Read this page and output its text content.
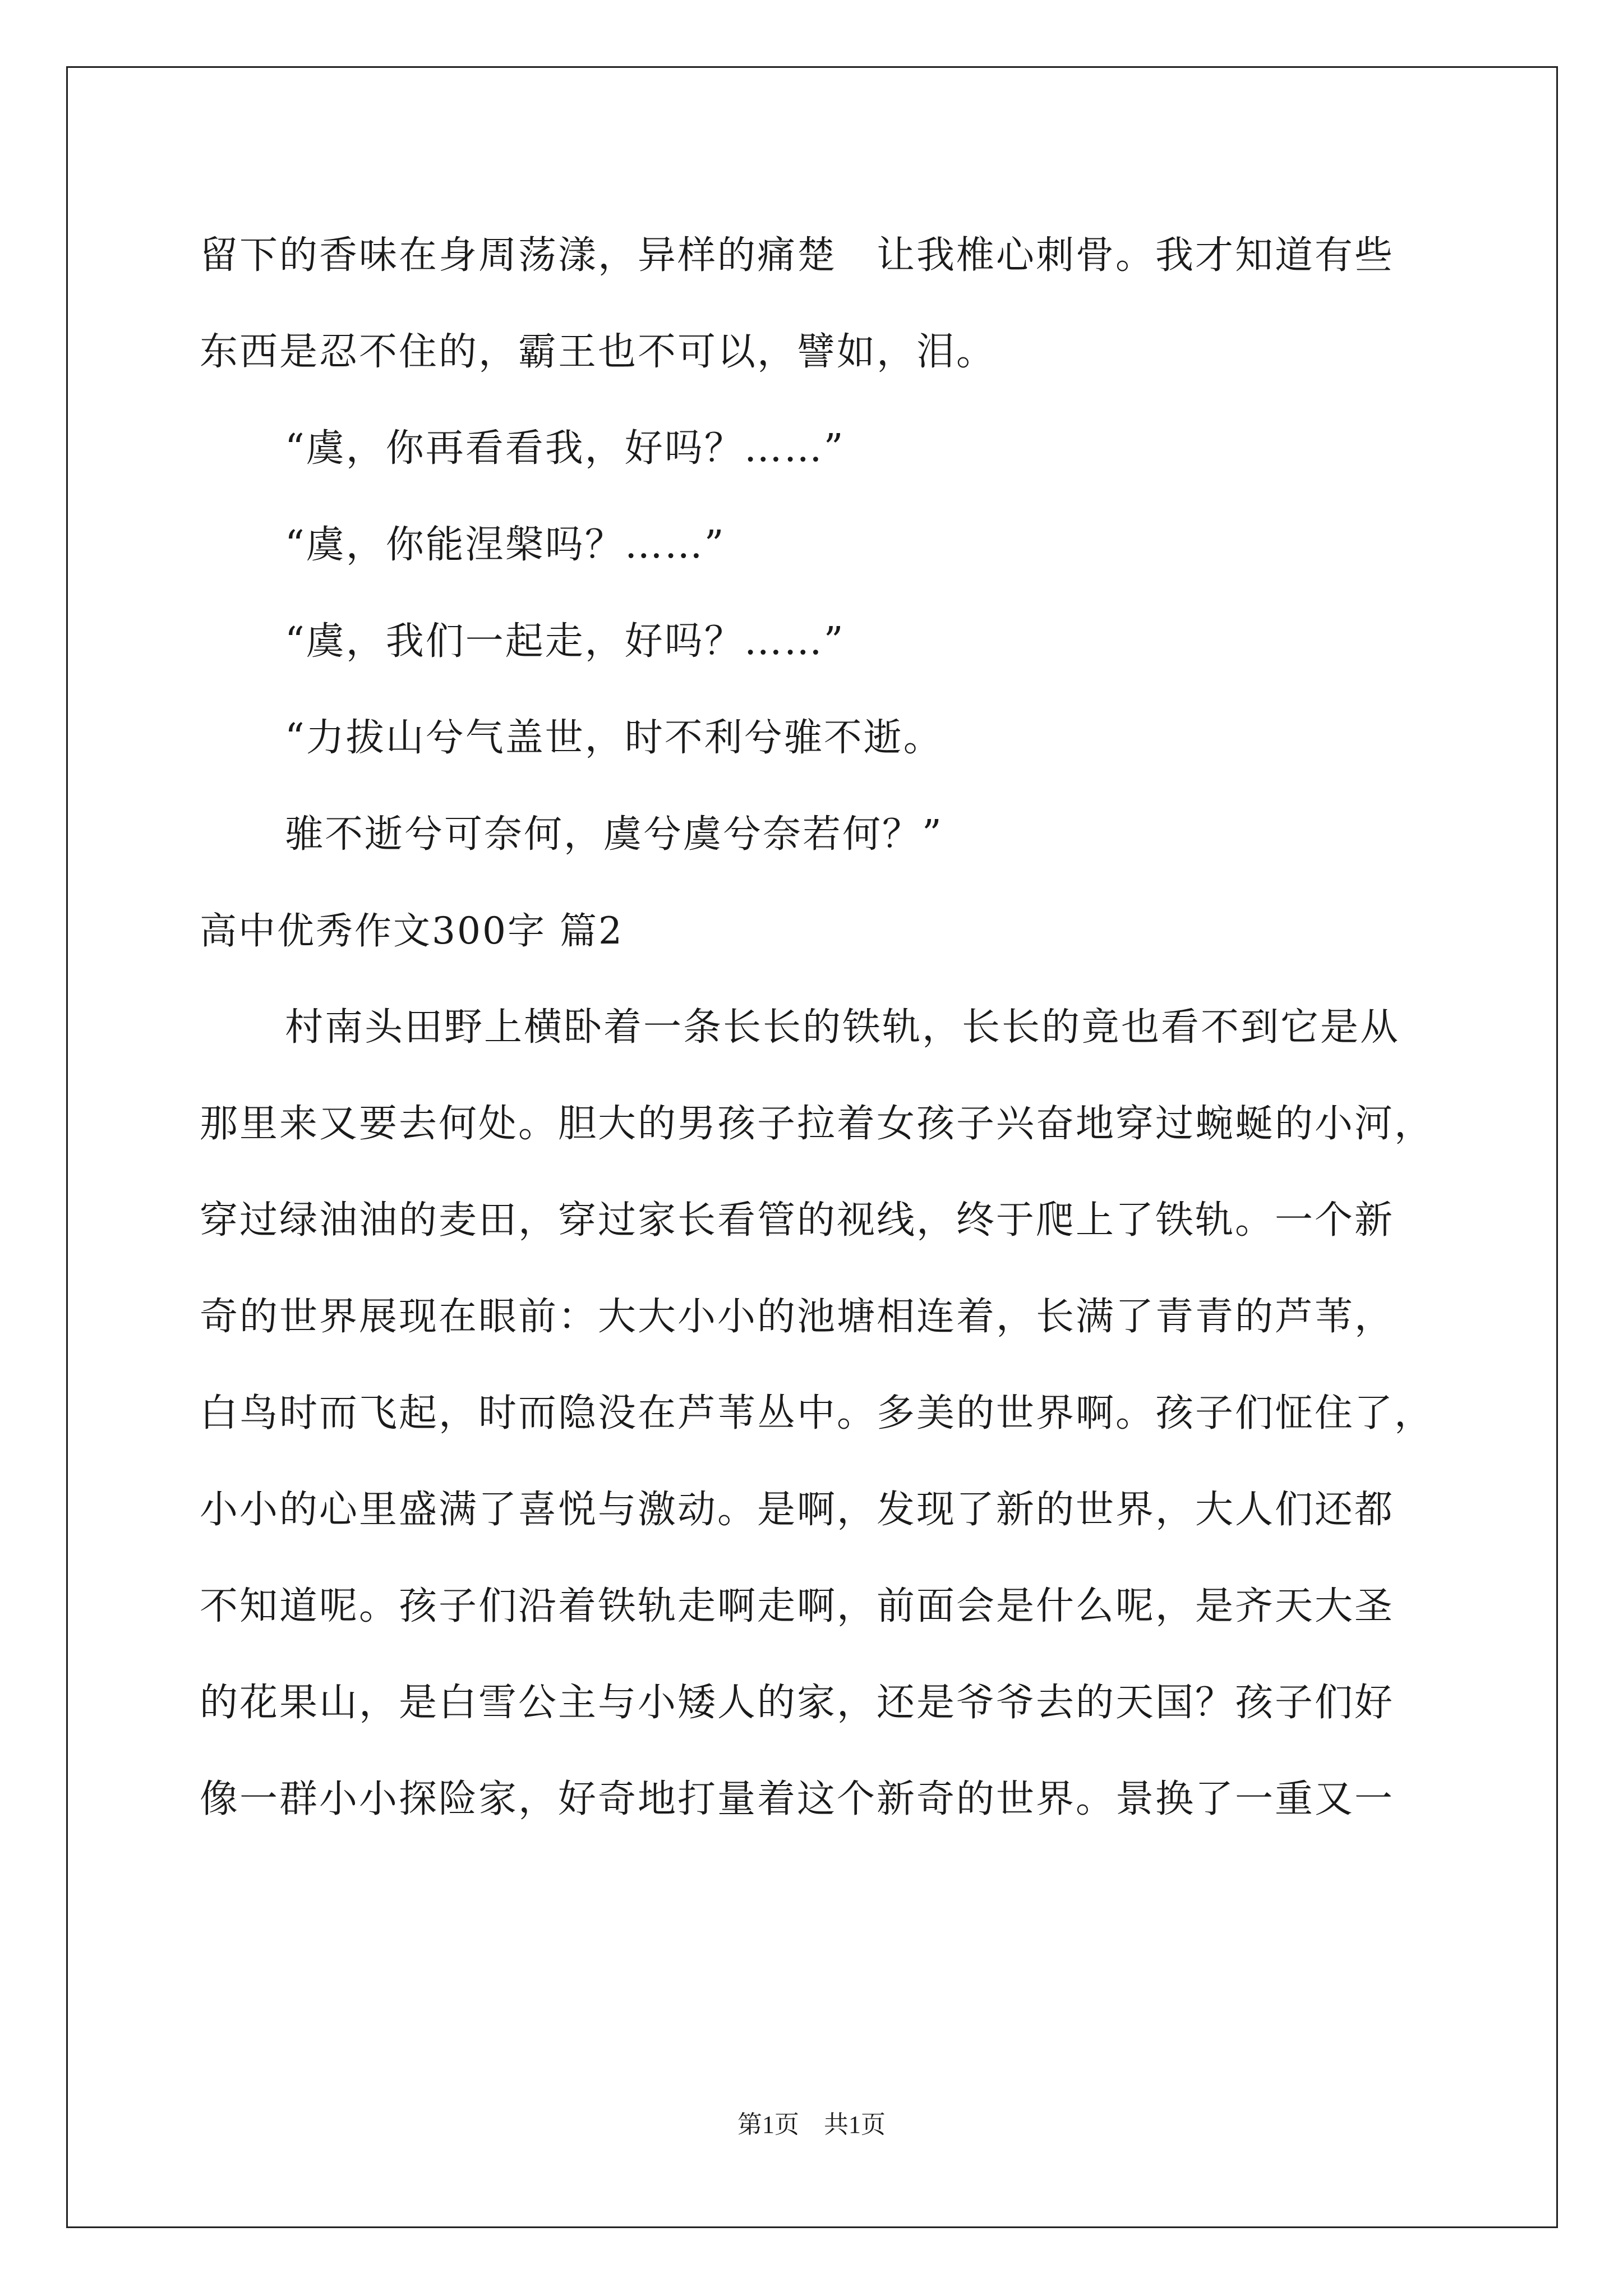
留下的香味在身周荡漾，异样的痛楚　让我椎心刺骨。我才知道有些
东西是忍不住的，霸王也不可以，譬如，泪。
“虞，你再看看我，好吗？……”
“虞，你能涅槃吗？……”
“虞，我们一起走，好吗？……”
“力拔山兮气盖世，时不利兮骓不逝。
骓不逝兮可奈何，虞兮虞兮奈若何？”
高中优秀作文300字 篇2
村南头田野上横卧着一条长长的铁轨，长长的竟也看不到它是从
那里来又要去何处。胆大的男孩子拉着女孩子兴奋地穿过蜿蜒的小河，
穿过绿油油的麦田，穿过家长看管的视线，终于爬上了铁轨。一个新
奇的世界展现在眼前：大大小小的池塘相连着，长满了青青的芦苇，
白鸟时而飞起，时而隐没在芦苇丛中。多美的世界啊。孩子们怔住了，
小小的心里盛满了喜悦与激动。是啊，发现了新的世界，大人们还都
不知道呢。孩子们沿着铁轨走啊走啊，前面会是什么呢，是齐天大圣
的花果山，是白雪公主与小矮人的家，还是爷爷去的天国？孩子们好
像一群小小探险家，好奇地打量着这个新奇的世界。景换了一重又一
第1页　共1页
